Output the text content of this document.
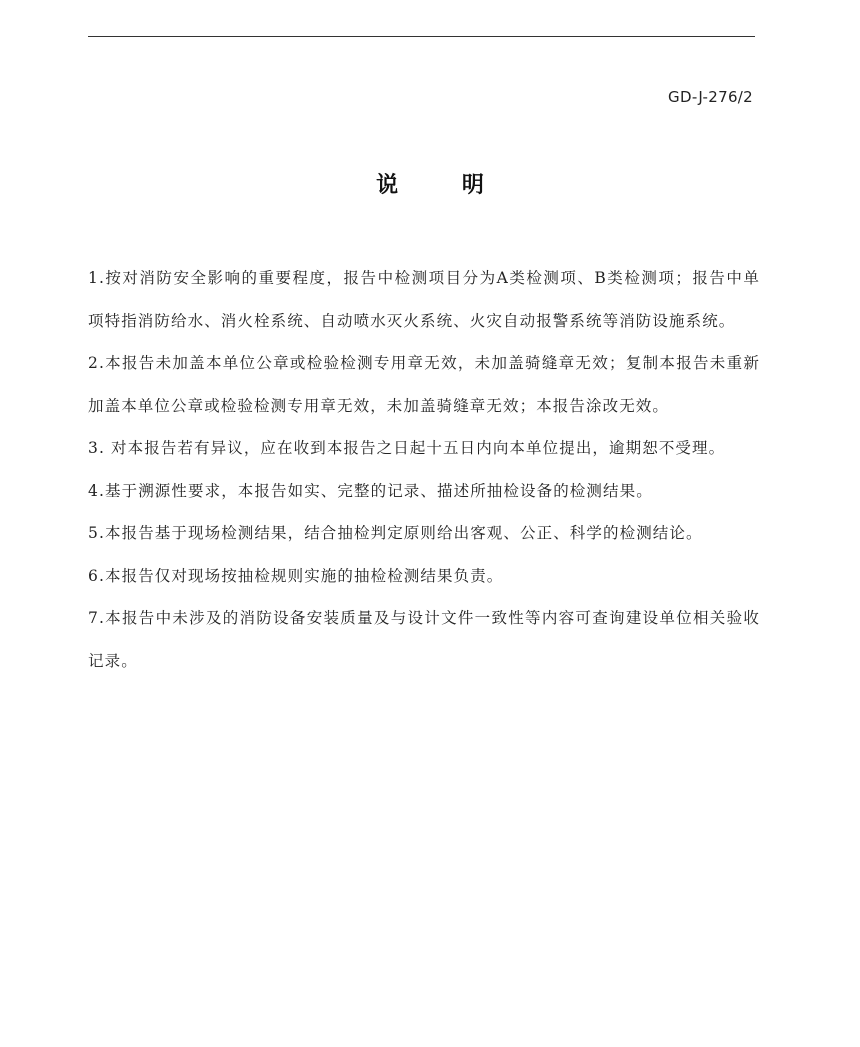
GD-J-276/2
说 明

1.按对消防安全影响的重要程度，报告中检测项目分为A类检测项、B类检测项；报告中单项特指消防给水、消火栓系统、自动喷水灭火系统、火灾自动报警系统等消防设施系统。

2.本报告未加盖本单位公章或检验检测专用章无效，未加盖骑缝章无效；复制本报告未重新加盖本单位公章或检验检测专用章无效，未加盖骑缝章无效；本报告涂改无效。

3. 对本报告若有异议，应在收到本报告之日起十五日内向本单位提出，逾期恕不受理。

4.基于溯源性要求，本报告如实、完整的记录、描述所抽检设备的检测结果。

5.本报告基于现场检测结果，结合抽检判定原则给出客观、公正、科学的检测结论。

6.本报告仅对现场按抽检规则实施的抽检检测结果负责。

7.本报告中未涉及的消防设备安装质量及与设计文件一致性等内容可查询建设单位相关验收记录。
